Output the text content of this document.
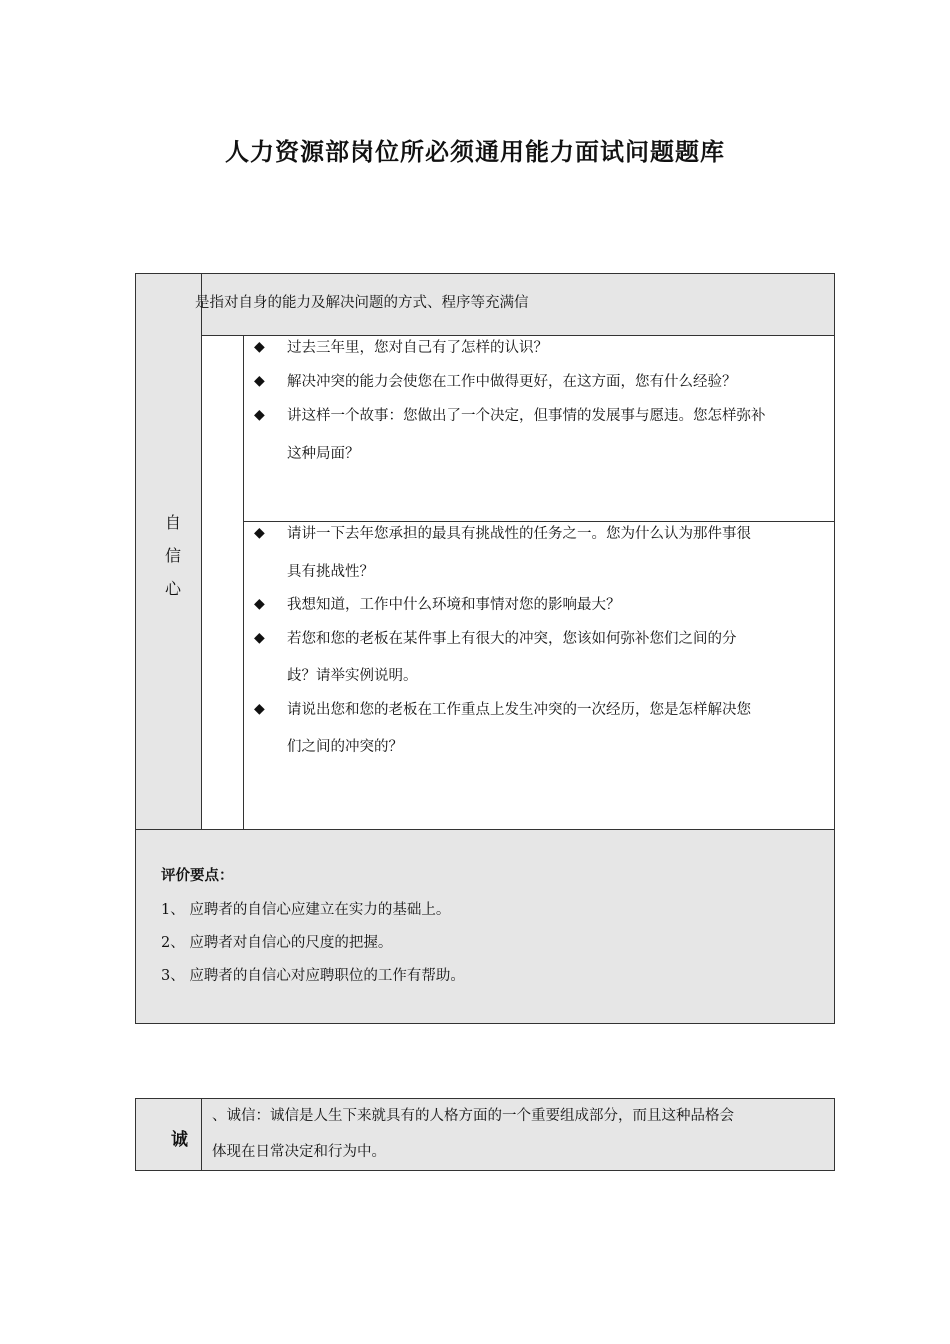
人力资源部岗位所必须通用能力面试问题题库
自
信
心
是指对自身的能力及解决问题的方式、程序等充满信
◆ 过去三年里，您对自己有了怎样的认识？
◆ 解决冲突的能力会使您在工作中做得更好，在这方面，您有什么经验？
◆ 讲这样一个故事：您做出了一个决定，但事情的发展事与愿违。您怎样弥补
这种局面？
◆ 请讲一下去年您承担的最具有挑战性的任务之一。您为什么认为那件事很
具有挑战性？
◆ 我想知道，工作中什么环境和事情对您的影响最大？
◆ 若您和您的老板在某件事上有很大的冲突，您该如何弥补您们之间的分
歧？请举实例说明。
◆ 请说出您和您的老板在工作重点上发生冲突的一次经历，您是怎样解决您
们之间的冲突的？
评价要点：
1、 应聘者的自信心应建立在实力的基础上。
2、 应聘者对自信心的尺度的把握。
3、 应聘者的自信心对应聘职位的工作有帮助。
诚
、诚信：诚信是人生下来就具有的人格方面的一个重要组成部分，而且这种品格会
体现在日常决定和行为中。
